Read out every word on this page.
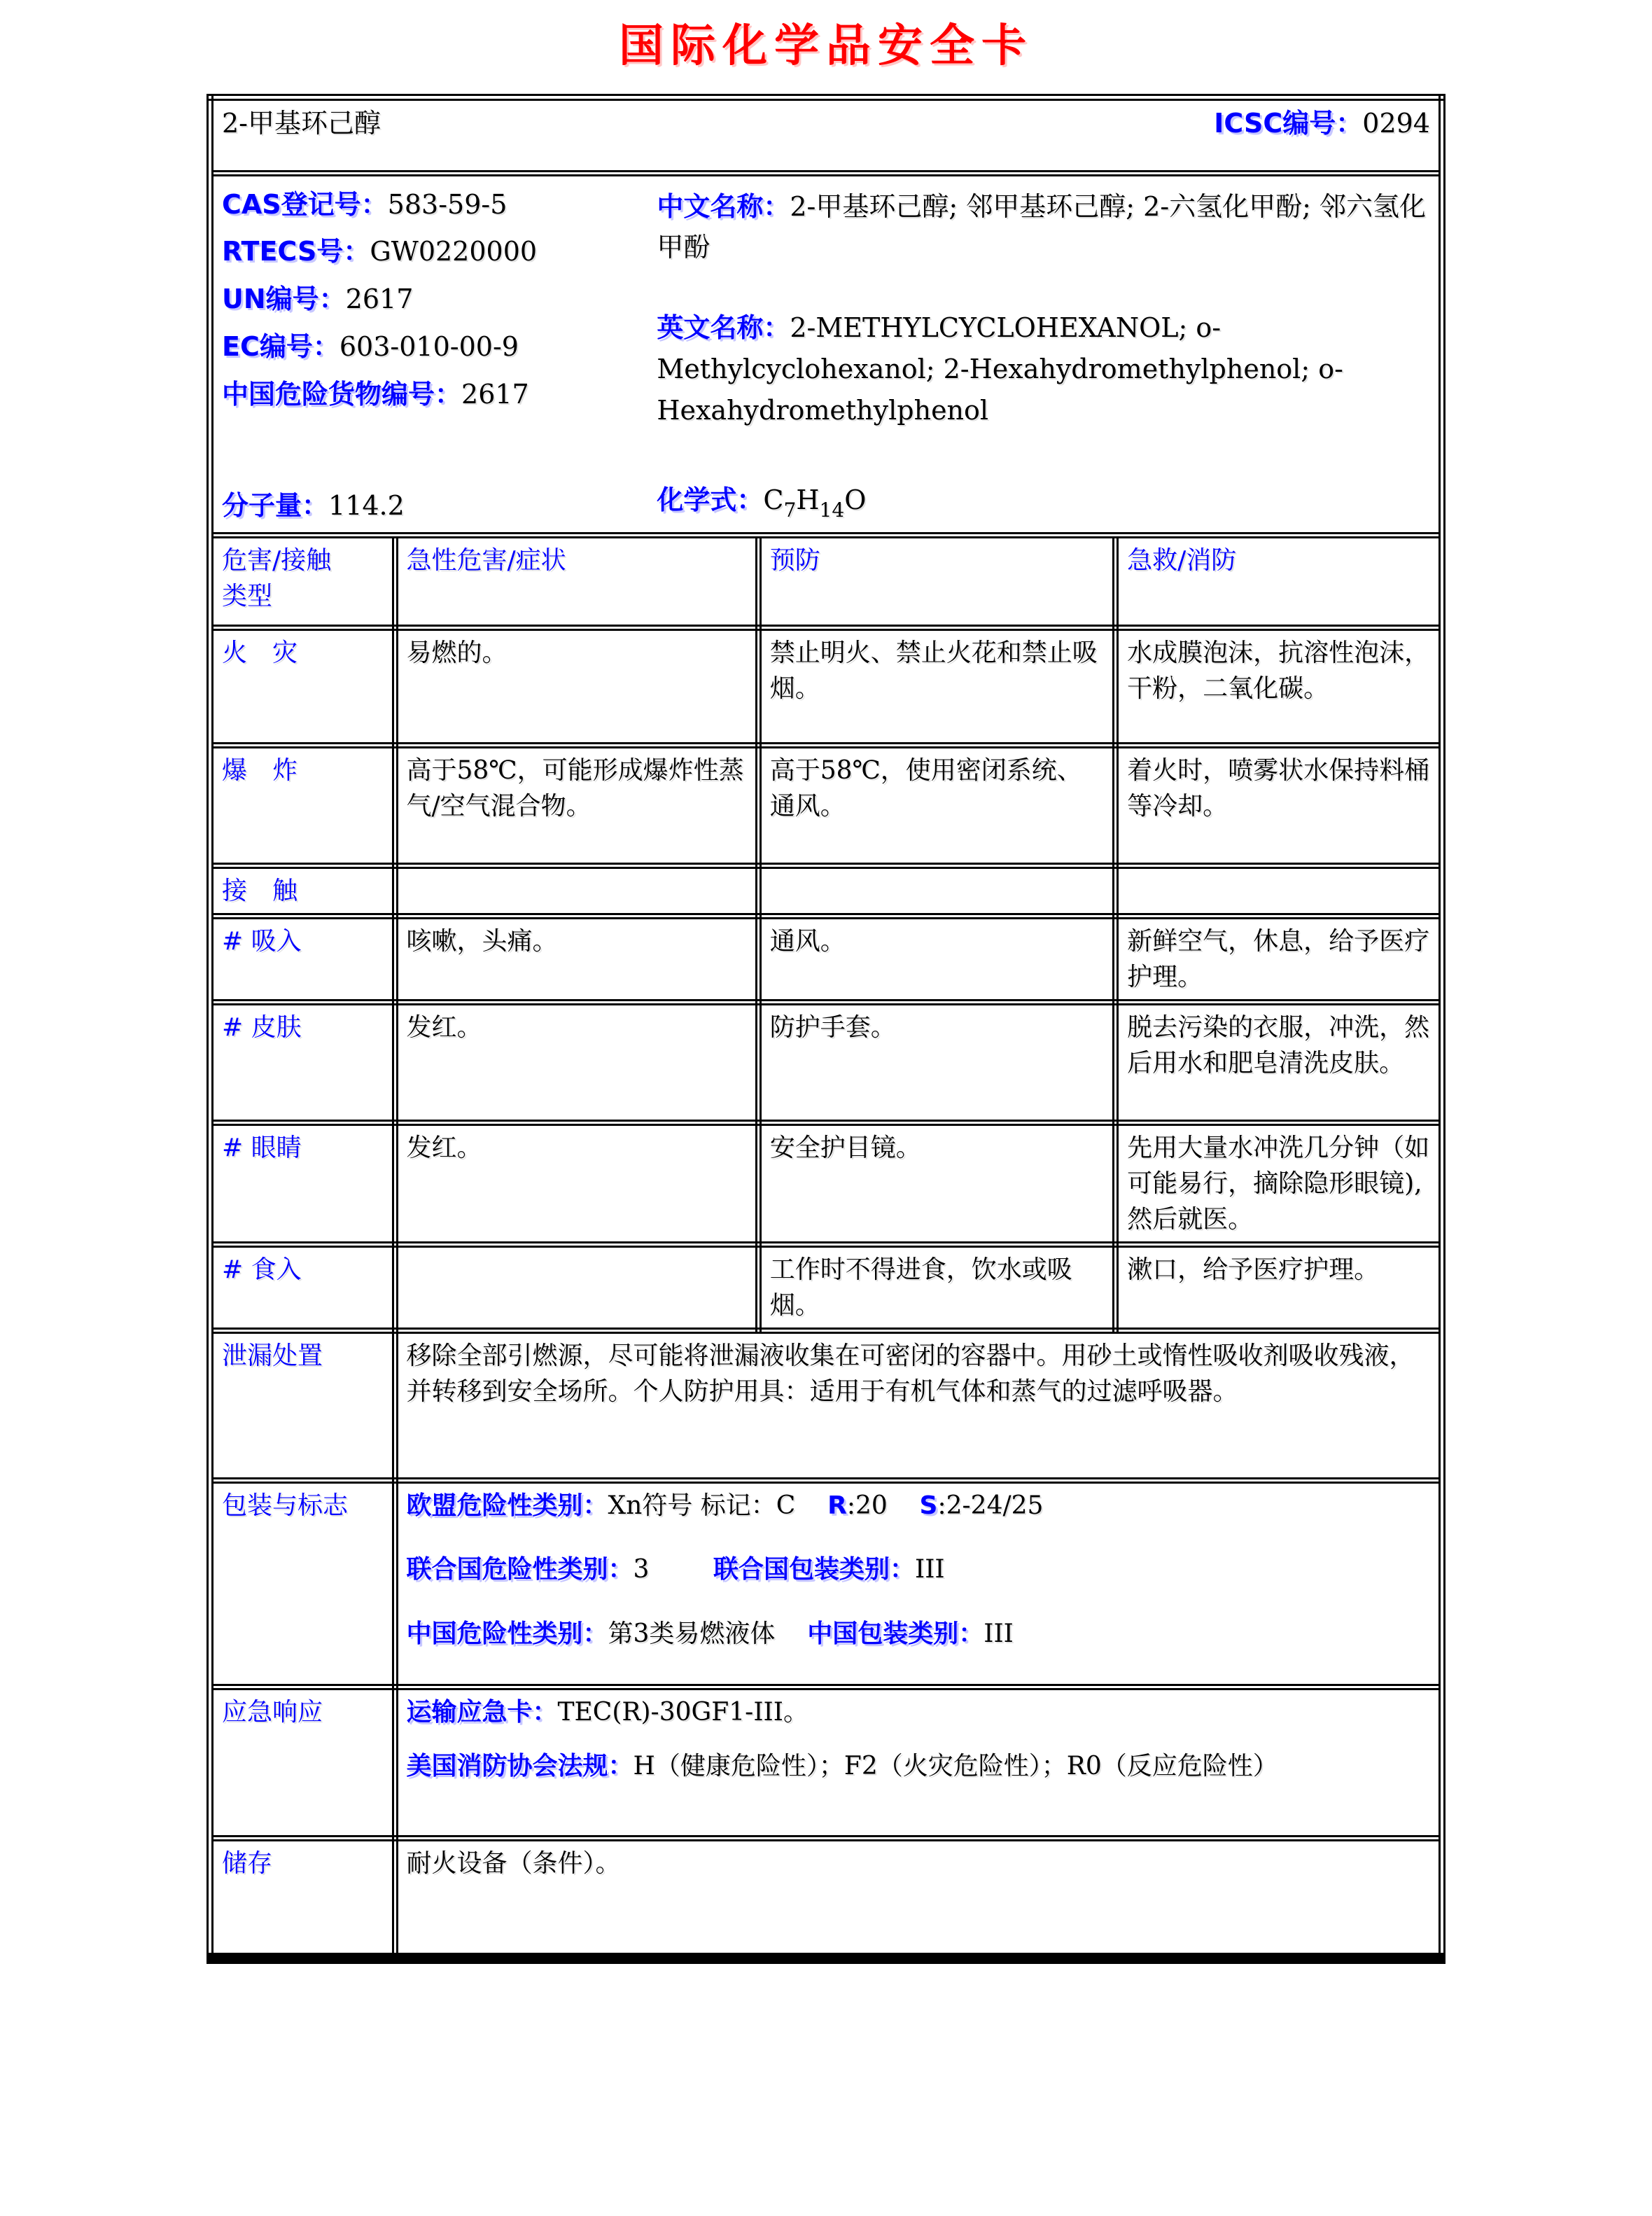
国际化学品安全卡
2-甲基环己醇 ICSC编号：0294			

CAS登记号：583-59-5
RTECS号：GW0220000
UN编号：2617
EC编号：603-010-00-9
中国危险货物编号：2617
分子量：114.2

中文名称：2-甲基环己醇; 邻甲基环己醇; 2-六氢化甲酚; 邻六氢化甲酚

英文名称：2-METHYLCYCLOHEXANOL; o-Methylcyclohexanol; 2-Hexahydromethylphenol; o-Hexahydromethylphenol

化学式：$C_7H_{14}O$

危害/接触
类型	急性危害/症状	预防	急救/消防
火　灾	易燃的。	禁止明火、禁止火花和禁止吸烟。	水成膜泡沫，抗溶性泡沫，干粉，二氧化碳。
爆　炸	高于58℃，可能形成爆炸性蒸气/空气混合物。	高于58℃，使用密闭系统、通风。	着火时，喷雾状水保持料桶等冷却。
接　触			
# 吸入	咳嗽，头痛。	通风。	新鲜空气，休息，给予医疗护理。
# 皮肤	发红。	防护手套。	脱去污染的衣服，冲洗，然后用水和肥皂清洗皮肤。
# 眼睛	发红。	安全护目镜。	先用大量水冲洗几分钟（如可能易行，摘除隐形眼镜),然后就医。
# 食入		工作时不得进食，饮水或吸烟。	漱口，给予医疗护理。
泄漏处置	移除全部引燃源，尽可能将泄漏液收集在可密闭的容器中。用砂土或惰性吸收剂吸收残液，并转移到安全场所。个人防护用具：适用于有机气体和蒸气的过滤呼吸器。		
包装与标志	欧盟危险性类别：Xn符号 标记：C    R:20    S:2-24/25

联合国危险性类别：3        联合国包装类别：III

中国危险性类别：第3类易燃液体    中国包装类别：III		

应急响应	运输应急卡：TEC(R)-30GF1-III。

美国消防协会法规：H（健康危险性）；F2（火灾危险性）；R0（反应危险性）		

储存	耐火设备（条件）。		
